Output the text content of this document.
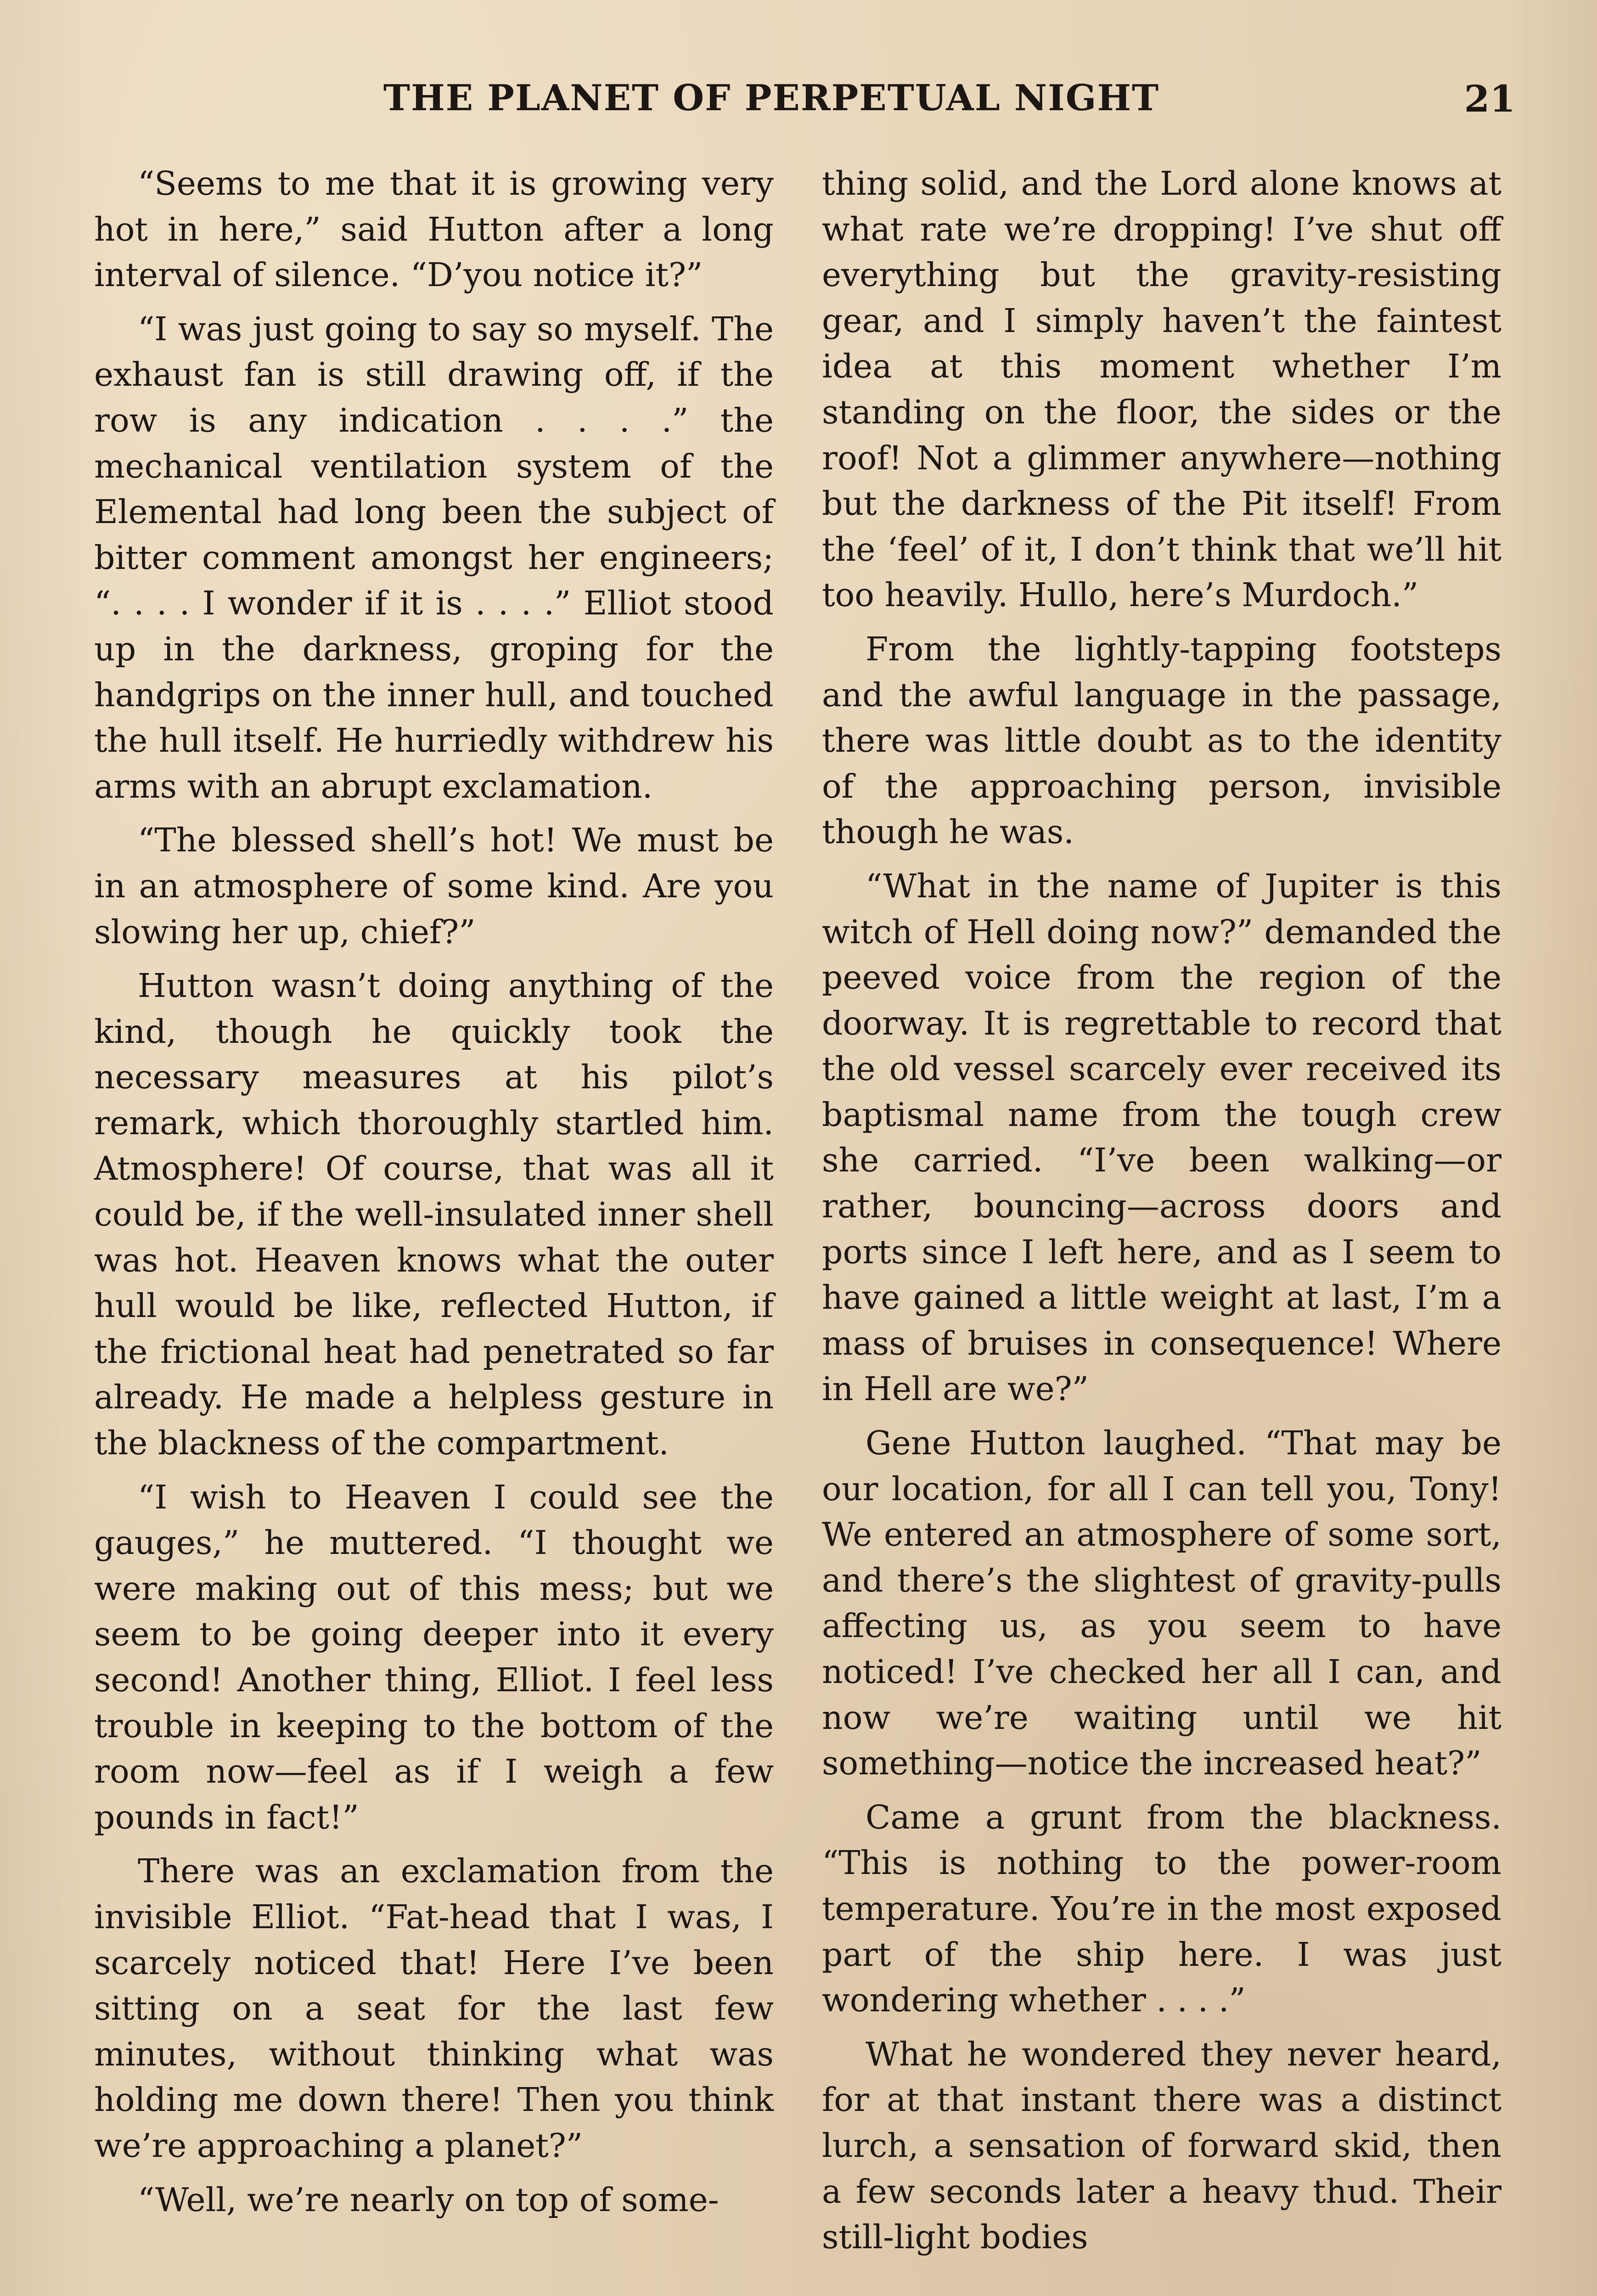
THE PLANET OF PERPETUAL NIGHT	21

“Seems to me that it is growing very hot in here,” said Hutton after a long interval of silence. “D’you notice it?”

“I was just going to say so myself. The exhaust fan is still drawing off, if the row is any indication . . . .” the mechanical ventilation system of the Elemental had long been the subject of bitter comment amongst her engineers; “. . . . I wonder if it is . . . .” Elliot stood up in the darkness, groping for the handgrips on the inner hull, and touched the hull itself. He hurriedly withdrew his arms with an abrupt exclamation.

“The blessed shell’s hot! We must be in an atmosphere of some kind. Are you slowing her up, chief?”

Hutton wasn’t doing anything of the kind, though he quickly took the necessary measures at his pilot’s remark, which thoroughly startled him. Atmosphere! Of course, that was all it could be, if the well-insulated inner shell was hot. Heaven knows what the outer hull would be like, reflected Hutton, if the frictional heat had penetrated so far already. He made a helpless gesture in the blackness of the compartment.

“I wish to Heaven I could see the gauges,” he muttered. “I thought we were making out of this mess; but we seem to be going deeper into it every second! Another thing, Elliot. I feel less trouble in keeping to the bottom of the room now—feel as if I weigh a few pounds in fact!”

There was an exclamation from the invisible Elliot. “Fat-head that I was, I scarcely noticed that! Here I’ve been sitting on a seat for the last few minutes, without thinking what was holding me down there! Then you think we’re approaching a planet?”

“Well, we’re nearly on top of some-

thing solid, and the Lord alone knows at what rate we’re dropping! I’ve shut off everything but the gravity-resisting gear, and I simply haven’t the faintest idea at this moment whether I’m standing on the floor, the sides or the roof! Not a glimmer anywhere—nothing but the darkness of the Pit itself! From the ‘feel’ of it, I don’t think that we’ll hit too heavily. Hullo, here’s Murdoch.”

From the lightly-tapping footsteps and the awful language in the passage, there was little doubt as to the identity of the approaching person, invisible though he was.

“What in the name of Jupiter is this witch of Hell doing now?” demanded the peeved voice from the region of the doorway. It is regrettable to record that the old vessel scarcely ever received its baptismal name from the tough crew she carried. “I’ve been walking—or rather, bouncing—across doors and ports since I left here, and as I seem to have gained a little weight at last, I’m a mass of bruises in consequence! Where in Hell are we?”

Gene Hutton laughed. “That may be our location, for all I can tell you, Tony! We entered an atmosphere of some sort, and there’s the slightest of gravity-pulls affecting us, as you seem to have noticed! I’ve checked her all I can, and now we’re waiting until we hit something—notice the increased heat?”

Came a grunt from the blackness. “This is nothing to the power-room temperature. You’re in the most exposed part of the ship here. I was just wondering whether . . . .”

What he wondered they never heard, for at that instant there was a distinct lurch, a sensation of forward skid, then a few seconds later a heavy thud. Their still-light bodies
